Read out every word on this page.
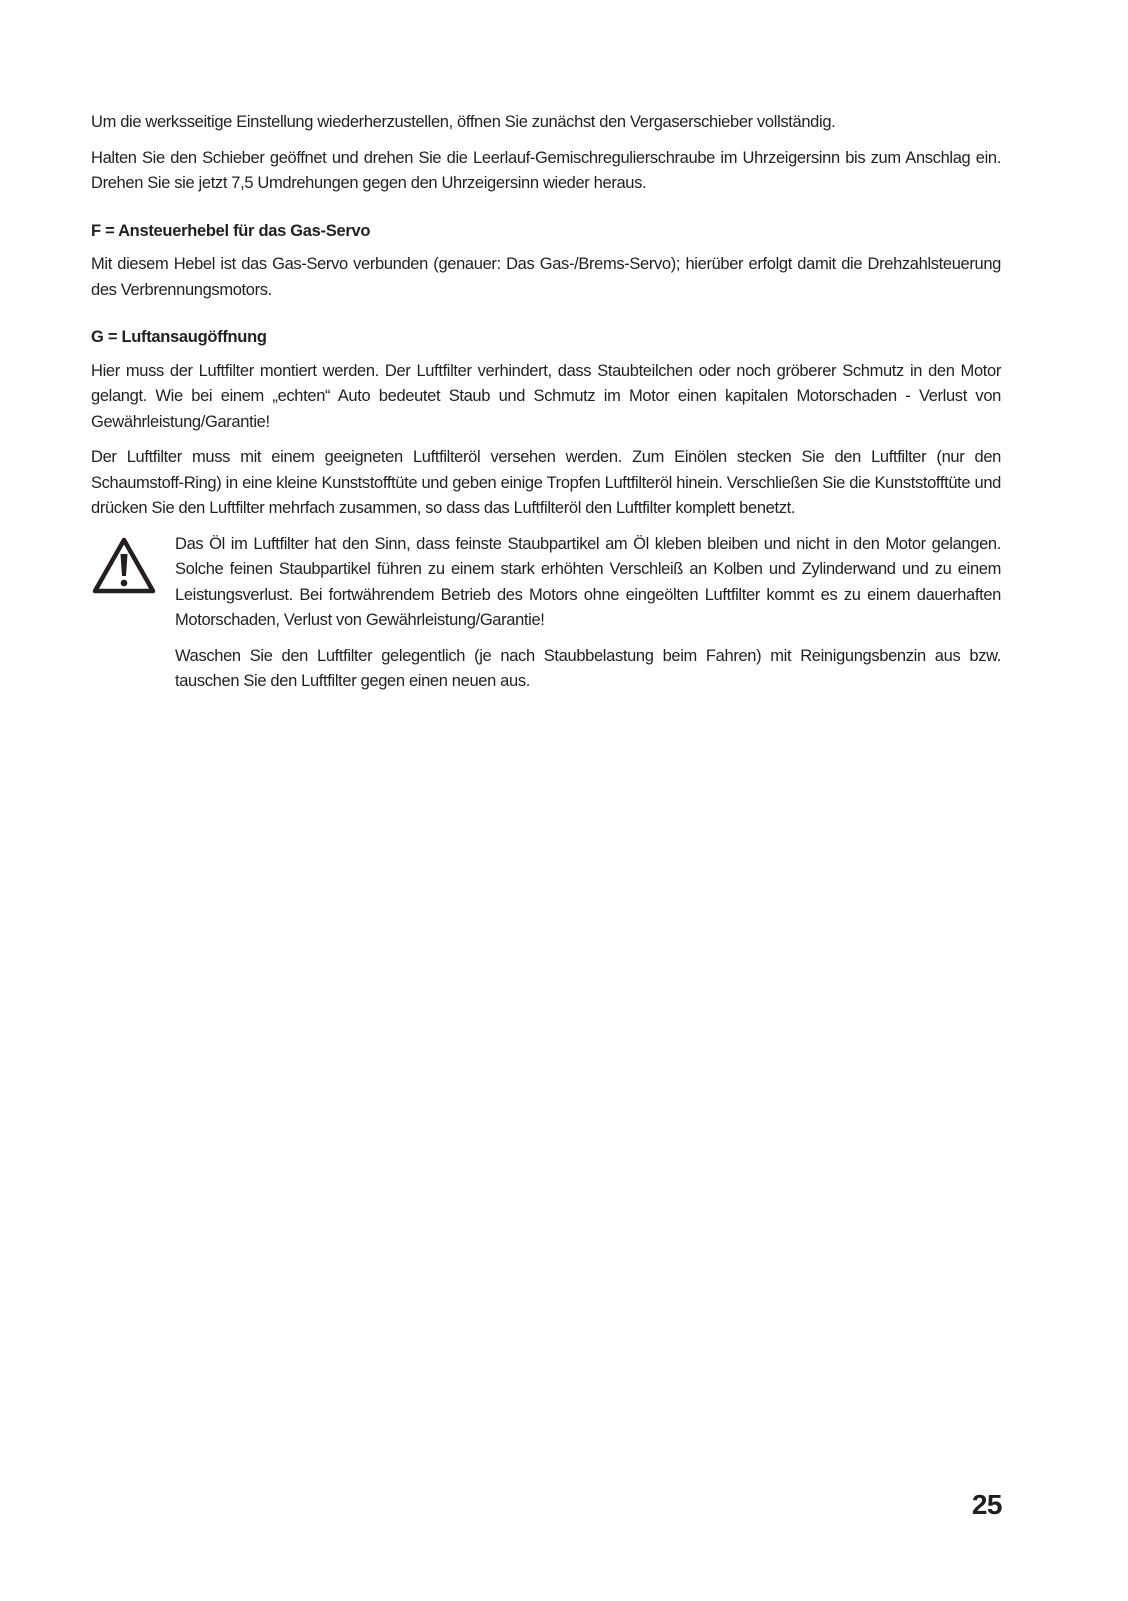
Um die werksseitige Einstellung wiederherzustellen, öffnen Sie zunächst den Vergaserschieber vollständig.

Halten Sie den Schieber geöffnet und drehen Sie die Leerlauf-Gemischregulierschraube im Uhrzeigersinn bis zum Anschlag ein. Drehen Sie sie jetzt 7,5 Umdrehungen gegen den Uhrzeigersinn wieder heraus.

F = Ansteuerhebel für das Gas-Servo

Mit diesem Hebel ist das Gas-Servo verbunden (genauer: Das Gas-/Brems-Servo); hierüber erfolgt damit die Drehzahlsteuerung des Verbrennungsmotors.

G = Luftansaugöffnung

Hier muss der Luftfilter montiert werden. Der Luftfilter verhindert, dass Staubteilchen oder noch gröberer Schmutz in den Motor gelangt. Wie bei einem „echten“ Auto bedeutet Staub und Schmutz im Motor einen kapitalen Motorschaden - Verlust von Gewährleistung/Garantie!

Der Luftfilter muss mit einem geeigneten Luftfilteröl versehen werden. Zum Einölen stecken Sie den Luftfilter (nur den Schaumstoff-Ring) in eine kleine Kunststofftüte und geben einige Tropfen Luftfilteröl hinein. Verschließen Sie die Kunststofftüte und drücken Sie den Luftfilter mehrfach zusammen, so dass das Luftfilteröl den Luftfilter komplett benetzt.

Das Öl im Luftfilter hat den Sinn, dass feinste Staubpartikel am Öl kleben bleiben und nicht in den Motor gelangen. Solche feinen Staubpartikel führen zu einem stark erhöhten Verschleiß an Kolben und Zylinderwand und zu einem Leistungsverlust. Bei fortwährendem Betrieb des Motors ohne eingeölten Luftfilter kommt es zu einem dauerhaften Motorschaden, Verlust von Gewährleistung/Garantie!

Waschen Sie den Luftfilter gelegentlich (je nach Staubbelastung beim Fahren) mit Reinigungsbenzin aus bzw. tauschen Sie den Luftfilter gegen einen neuen aus.

25
